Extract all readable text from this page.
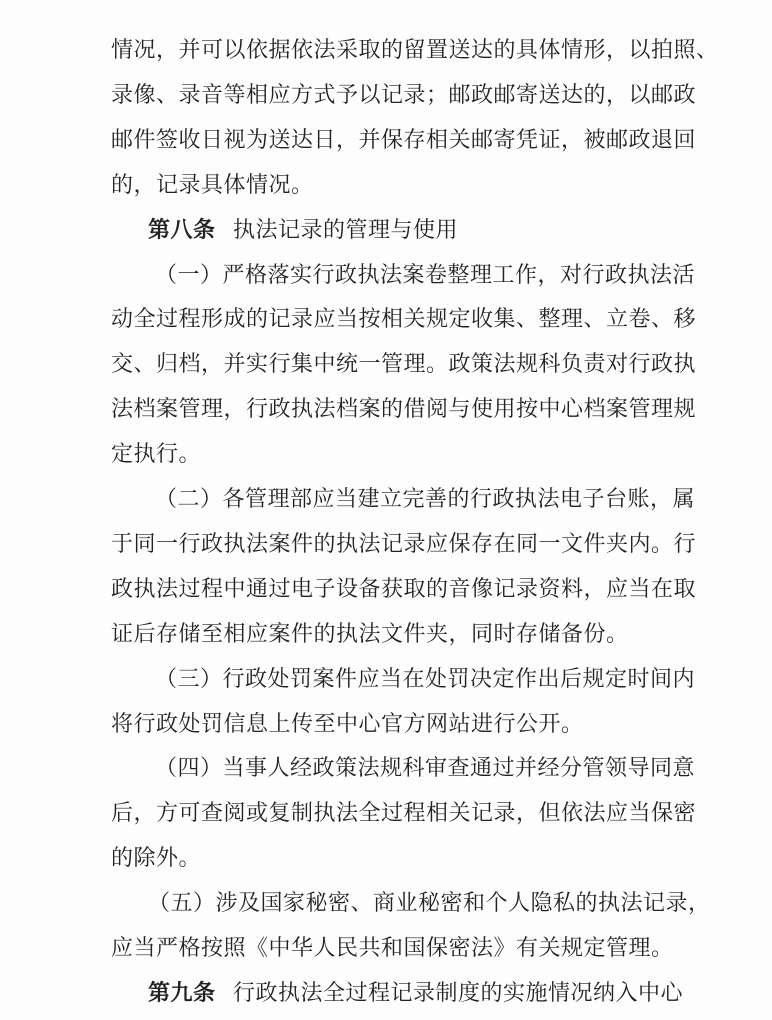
情况，并可以依据依法采取的留置送达的具体情形，以拍照、
录像、录音等相应方式予以记录；邮政邮寄送达的，以邮政
邮件签收日视为送达日，并保存相关邮寄凭证，被邮政退回
的，记录具体情况。
第八条 执法记录的管理与使用
（一）严格落实行政执法案卷整理工作，对行政执法活
动全过程形成的记录应当按相关规定收集、整理、立卷、移
交、归档，并实行集中统一管理。政策法规科负责对行政执
法档案管理，行政执法档案的借阅与使用按中心档案管理规
定执行。
（二）各管理部应当建立完善的行政执法电子台账，属
于同一行政执法案件的执法记录应保存在同一文件夹内。行
政执法过程中通过电子设备获取的音像记录资料，应当在取
证后存储至相应案件的执法文件夹，同时存储备份。
（三）行政处罚案件应当在处罚决定作出后规定时间内
将行政处罚信息上传至中心官方网站进行公开。
（四）当事人经政策法规科审查通过并经分管领导同意
后，方可查阅或复制执法全过程相关记录，但依法应当保密
的除外。
（五）涉及国家秘密、商业秘密和个人隐私的执法记录，
应当严格按照《中华人民共和国保密法》有关规定管理。
第九条 行政执法全过程记录制度的实施情况纳入中心
